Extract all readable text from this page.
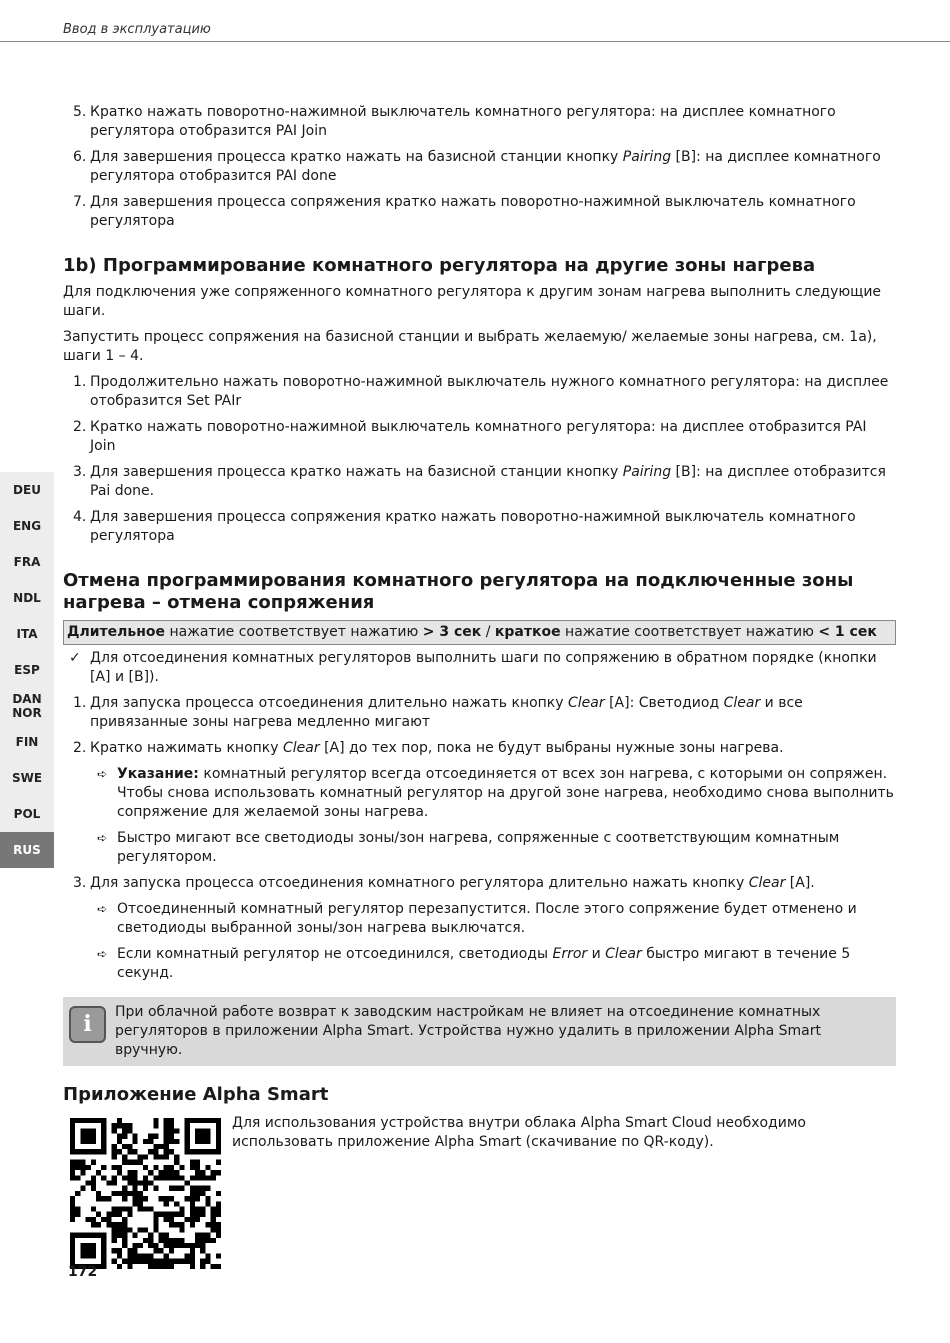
Ввод в эксплуатацию
5. Кратко нажать поворотно-нажимной выключатель комнатного регулятора: на дисплее комнатного регулятора отобразится PAI Join
6. Для завершения процесса кратко нажать на базисной станции кнопку Pairing [B]: на дисплее комнатного регулятора отобразится PAI done
7. Для завершения процесса сопряжения кратко нажать поворотно-нажимной выключатель комнатного регулятора
1b) Программирование комнатного регулятора на другие зоны нагрева

Для подключения уже сопряженного комнатного регулятора к другим зонам нагрева выполнить следующие шаги.

Запустить процесс сопряжения на базисной станции и выбрать желаемую/ желаемые зоны нагрева, см. 1а), шаги 1 – 4.

1. Продолжительно нажать поворотно-нажимной выключатель нужного комнатного регулятора: на дисплее отобразится Set PAIr
2. Кратко нажать поворотно-нажимной выключатель комнатного регулятора: на дисплее отобразится PAI Join
3. Для завершения процесса кратко нажать на базисной станции кнопку Pairing [B]: на дисплее отобразится Pai done.
4. Для завершения процесса сопряжения кратко нажать поворотно-нажимной выключатель комнатного регулятора
Отмена программирования комнатного регулятора на подключенные зоны нагрева – отмена сопряжения
Длительное нажатие соответствует нажатию > 3 сек / краткое нажатие соответствует нажатию < 1 сек
✓ Для отсоединения комнатных регуляторов выполнить шаги по сопряжению в обратном порядке (кнопки [A] и [B]).
1. Для запуска процесса отсоединения длительно нажать кнопку Clear [A]: Светодиод Clear и все привязанные зоны нагрева медленно мигают
2. Кратко нажимать кнопку Clear [A] до тех пор, пока не будут выбраны нужные зоны нагрева.
➪ Указание: комнатный регулятор всегда отсоединяется от всех зон нагрева, с которыми он сопряжен. Чтобы снова использовать комнатный регулятор на другой зоне нагрева, необходимо снова выполнить сопряжение для желаемой зоны нагрева.
➪ Быстро мигают все светодиоды зоны/зон нагрева, сопряженные с соответствующим комнатным регулятором.
3. Для запуска процесса отсоединения комнатного регулятора длительно нажать кнопку Clear [A].
➪ Отсоединенный комнатный регулятор перезапустится. После этого сопряжение будет отменено и светодиоды выбранной зоны/зон нагрева выключатся.
➪ Если комнатный регулятор не отсоединился, светодиоды Error и Clear быстро мигают в течение 5 секунд.
i	При облачной работе возврат к заводским настройкам не влияет на отсоединение комнатных регуляторов в приложении Alpha Smart. Устройства нужно удалить в приложении Alpha Smart вручную.
Приложение Alpha Smart
Для использования устройства внутри облака Alpha Smart Cloud необходимо использовать приложение Alpha Smart (скачивание по QR-коду).
DEU
ENG
FRA
NDL
ITA
ESP
DAN
NOR
FIN
SWE
POL
RUS
172
